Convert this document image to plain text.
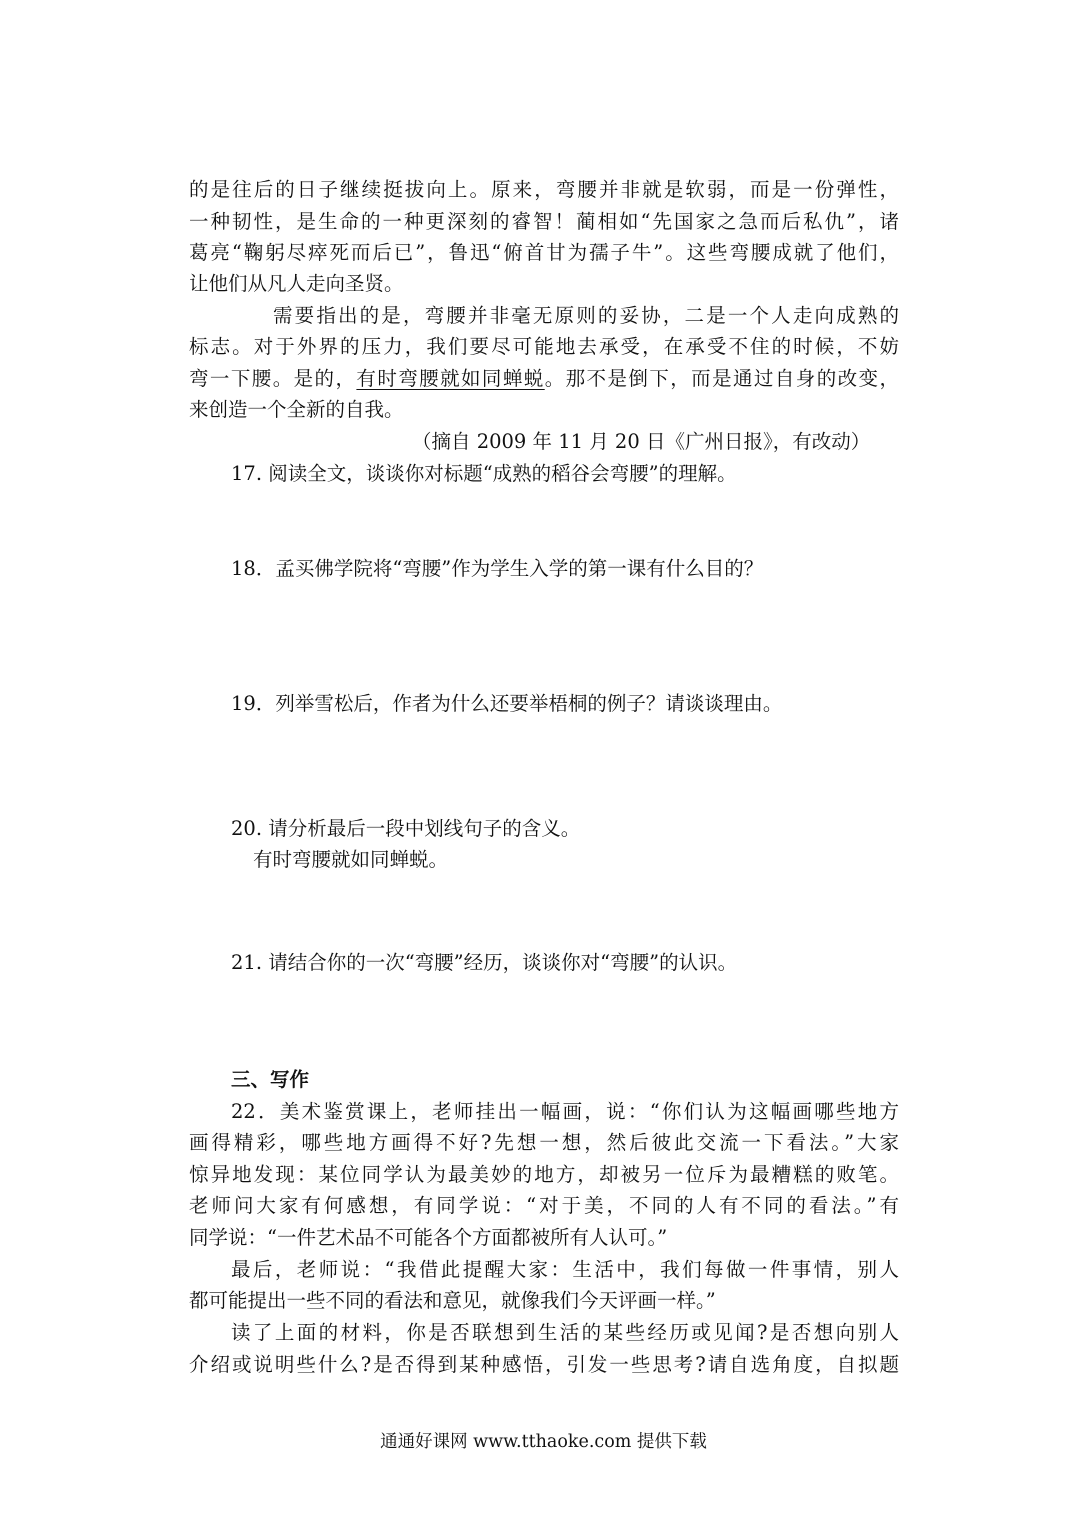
的是往后的日子继续挺拔向上。原来，弯腰并非就是软弱，而是一份弹性，

一种韧性，是生命的一种更深刻的睿智！蔺相如“先国家之急而后私仇”，诸

葛亮“鞠躬尽瘁死而后已”，鲁迅“俯首甘为孺子牛”。这些弯腰成就了他们，

让他们从凡人走向圣贤。

需要指出的是，弯腰并非毫无原则的妥协，二是一个人走向成熟的

标志。对于外界的压力，我们要尽可能地去承受，在承受不住的时候，不妨

弯一下腰。是的，有时弯腰就如同蝉蜕。那不是倒下，而是通过自身的改变，

来创造一个全新的自我。

（摘自 2009 年 11 月 20 日《广州日报》，有改动）

17. 阅读全文，谈谈你对标题“成熟的稻谷会弯腰”的理解。

18．孟买佛学院将“弯腰”作为学生入学的第一课有什么目的？

19．列举雪松后，作者为什么还要举梧桐的例子？请谈谈理由。

20. 请分析最后一段中划线句子的含义。

有时弯腰就如同蝉蜕。

21. 请结合你的一次“弯腰”经历，谈谈你对“弯腰”的认识。

三、写作

22．美术鉴赏课上，老师挂出一幅画，说：“你们认为这幅画哪些地方

画得精彩，哪些地方画得不好?先想一想，然后彼此交流一下看法。”大家

惊异地发现：某位同学认为最美妙的地方，却被另一位斥为最糟糕的败笔。

老师问大家有何感想，有同学说：“对于美，不同的人有不同的看法。”有

同学说：“一件艺术品不可能各个方面都被所有人认可。”

最后，老师说：“我借此提醒大家：生活中，我们每做一件事情，别人

都可能提出一些不同的看法和意见，就像我们今天评画一样。”

读了上面的材料，你是否联想到生活的某些经历或见闻?是否想向别人

介绍或说明些什么?是否得到某种感悟，引发一些思考?请自选角度，自拟题

通通好课网 www.tthaoke.com 提供下载
